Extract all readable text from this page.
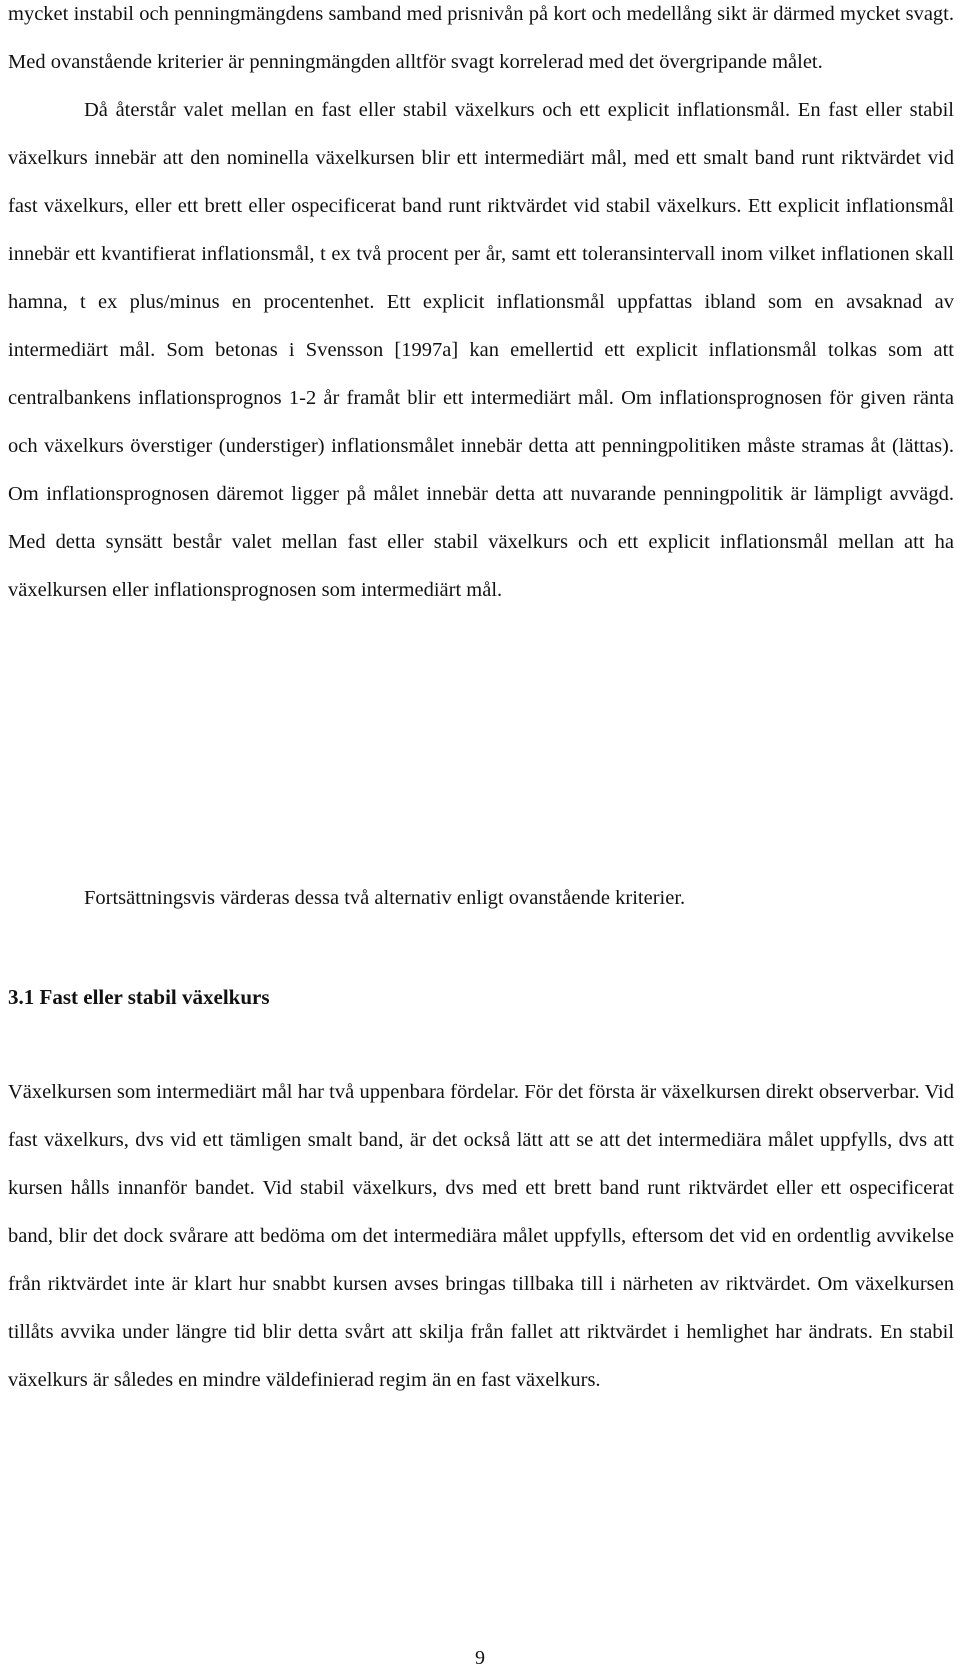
mycket instabil och penningmängdens samband med prisnivån på kort och medellång sikt är därmed mycket svagt. Med ovanstående kriterier är penningmängden alltför svagt korrelerad med det övergripande målet.

Då återstår valet mellan en fast eller stabil växelkurs och ett explicit inflationsmål. En fast eller stabil växelkurs innebär att den nominella växelkursen blir ett intermediärt mål, med ett smalt band runt riktvärdet vid fast växelkurs, eller ett brett eller ospecificerat band runt riktvärdet vid stabil växelkurs. Ett explicit inflationsmål innebär ett kvantifierat inflationsmål, t ex två procent per år, samt ett toleransintervall inom vilket inflationen skall hamna, t ex plus/minus en procentenhet. Ett explicit inflationsmål uppfattas ibland som en avsaknad av intermediärt mål. Som betonas i Svensson [1997a] kan emellertid ett explicit inflationsmål tolkas som att centralbankens inflationsprognos 1-2 år framåt blir ett intermediärt mål. Om inflationsprognosen för given ränta och växelkurs överstiger (understiger) inflationsmålet innebär detta att penningpolitiken måste stramas åt (lättas). Om inflationsprognosen däremot ligger på målet innebär detta att nuvarande penningpolitik är lämpligt avvägd. Med detta synsätt består valet mellan fast eller stabil växelkurs och ett explicit inflationsmål mellan att ha växelkursen eller inflationsprognosen som intermediärt mål.

Fortsättningsvis värderas dessa två alternativ enligt ovanstående kriterier.

3.1 Fast eller stabil växelkurs

Växelkursen som intermediärt mål har två uppenbara fördelar. För det första är växelkursen direkt observerbar. Vid fast växelkurs, dvs vid ett tämligen smalt band, är det också lätt att se att det intermediära målet uppfylls, dvs att kursen hålls innanför bandet. Vid stabil växelkurs, dvs med ett brett band runt riktvärdet eller ett ospecificerat band, blir det dock svårare att bedöma om det intermediära målet uppfylls, eftersom det vid en ordentlig avvikelse från riktvärdet inte är klart hur snabbt kursen avses bringas tillbaka till i närheten av riktvärdet. Om växelkursen tillåts avvika under längre tid blir detta svårt att skilja från fallet att riktvärdet i hemlighet har ändrats. En stabil växelkurs är således en mindre väldefinierad regim än en fast växelkurs.

9
